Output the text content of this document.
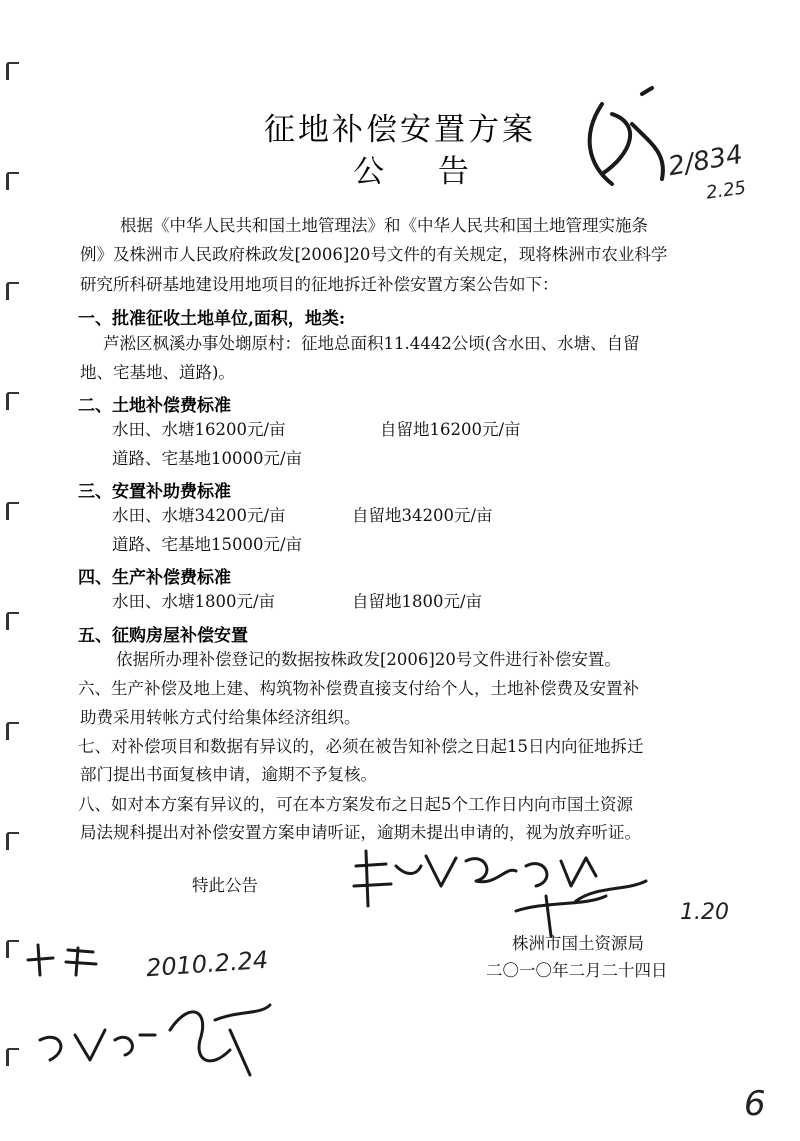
征地补偿安置方案
公 告
根据《中华人民共和国土地管理法》和《中华人民共和国土地管理实施条
例》及株洲市人民政府株政发[2006]20号文件的有关规定，现将株洲市农业科学
研究所科研基地建设用地项目的征地拆迁补偿安置方案公告如下：
一、批准征收土地单位,面积，地类:
芦淞区枫溪办事处㙟原村：征地总面积11.4442公顷(含水田、水塘、自留
地、宅基地、道路)。
二、土地补偿费标准
水田、水塘16200元/亩	自留地16200元/亩
道路、宅基地10000元/亩
三、安置补助费标准
水田、水塘34200元/亩	自留地34200元/亩
道路、宅基地15000元/亩
四、生产补偿费标准
水田、水塘1800元/亩	自留地1800元/亩
五、征购房屋补偿安置
依据所办理补偿登记的数据按株政发[2006]20号文件进行补偿安置。
六、生产补偿及地上建、构筑物补偿费直接支付给个人，土地补偿费及安置补
助费采用转帐方式付给集体经济组织。
七、对补偿项目和数据有异议的，必须在被告知补偿之日起15日内向征地拆迁
部门提出书面复核申请，逾期不予复核。
八、如对本方案有异议的，可在本方案发布之日起5个工作日内向市国土资源
局法规科提出对补偿安置方案申请听证，逾期未提出申请的，视为放弃听证。
特此公告
株洲市国土资源局
二〇一〇年二月二十四日
2/834
2.25
1.20
2010.2.24
6
